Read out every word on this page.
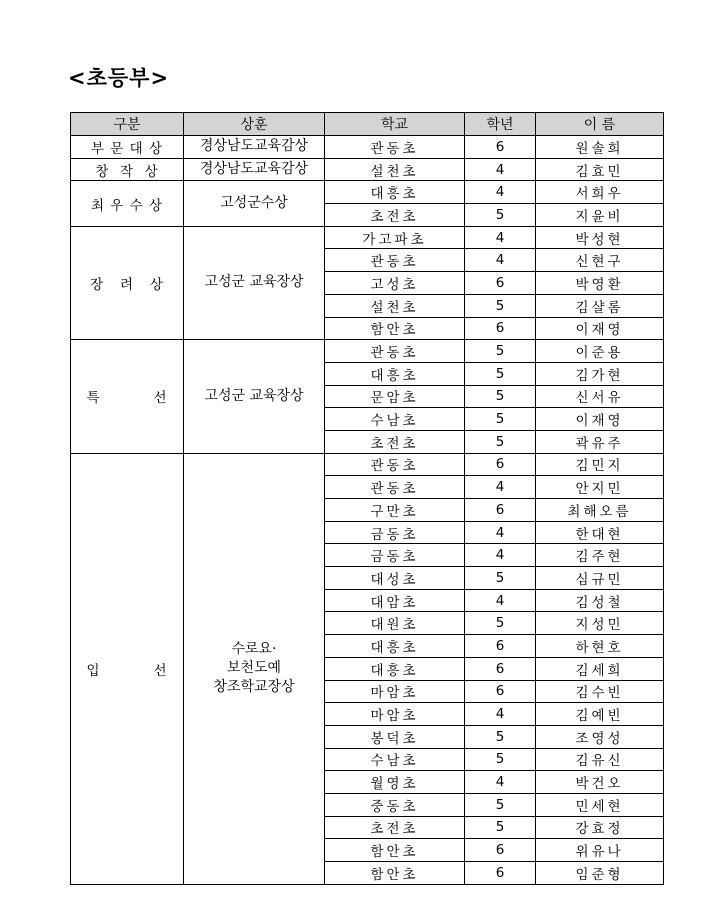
<초등부>
구분	상훈	학교	학년	이 름
부 문 대 상	경상남도교육감상	관동초	6	원솔희
창  작  상	경상남도교육감상	설천초	4	김효민
최 우 수 상	고성군수상	대흥초	4	서희우
		초전초	5	지윤비
장   려   상	고성군 교육장상	가고파초	4	박성현
		관동초	4	신현구
		고성초	6	박영환
		설천초	5	김샬롬
		함안초	6	이재영
특          선	고성군 교육장상	관동초	5	이준용
		대흥초	5	김가현
		문암초	5	신서유
		수남초	5	이재영
		초전초	5	곽유주
입          선	수로요·
보천도예
창조학교장상	관동초	6	김민지
		관동초	4	안지민
		구만초	6	최해오름
		금동초	4	한대현
		금동초	4	김주현
		대성초	5	심규민
		대암초	4	김성철
		대원초	5	지성민
		대흥초	6	하현호
		대흥초	6	김세희
		마암초	6	김수빈
		마암초	4	김예빈
		봉덕초	5	조영성
		수남초	5	김유신
		월영초	4	박건오
		중동초	5	민세현
		초전초	5	강효정
		함안초	6	위유나
		함안초	6	임준형
